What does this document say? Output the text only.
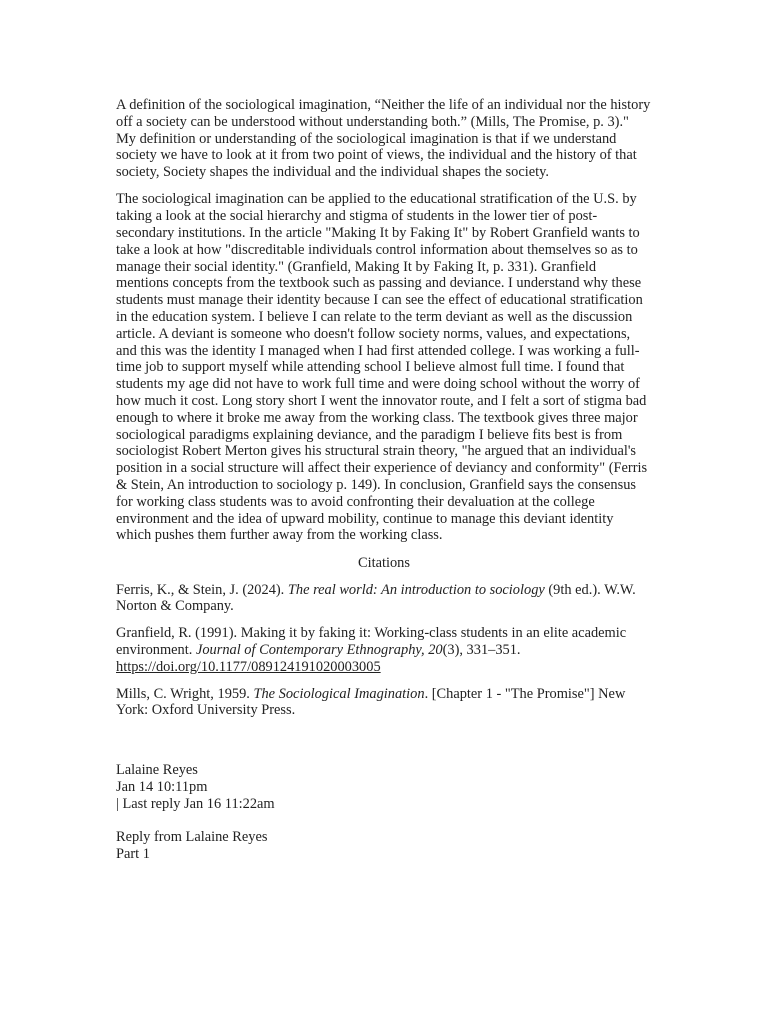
A definition of the sociological imagination, “Neither the life of an individual nor the history off a society can be understood without understanding both.” (Mills, The Promise, p. 3)." My definition or understanding of the sociological imagination is that if we understand society we have to look at it from two point of views, the individual and the history of that society, Society shapes the individual and the individual shapes the society.

The sociological imagination can be applied to the educational stratification of the U.S. by taking a look at the social hierarchy and stigma of students in the lower tier of post-secondary institutions. In the article "Making It by Faking It" by Robert Granfield wants to take a look at how "discreditable individuals control information about themselves so as to manage their social identity." (Granfield, Making It by Faking It, p. 331). Granfield mentions concepts from the textbook such as passing and deviance. I understand why these students must manage their identity because I can see the effect of educational stratification in the education system. I believe I can relate to the term deviant as well as the discussion article. A deviant is someone who doesn't follow society norms, values, and expectations, and this was the identity I managed when I had first attended college. I was working a full-time job to support myself while attending school I believe almost full time. I found that students my age did not have to work full time and were doing school without the worry of how much it cost. Long story short I went the innovator route, and I felt a sort of stigma bad enough to where it broke me away from the working class. The textbook gives three major sociological paradigms explaining deviance, and the paradigm I believe fits best is from sociologist Robert Merton gives his structural strain theory, "he argued that an individual's position in a social structure will affect their experience of deviancy and conformity" (Ferris & Stein, An introduction to sociology p. 149). In conclusion, Granfield says the consensus for working class students was to avoid confronting their devaluation at the college environment and the idea of upward mobility, continue to manage this deviant identity which pushes them further away from the working class.

Citations

Ferris, K., & Stein, J. (2024). The real world: An introduction to sociology (9th ed.). W.W. Norton & Company.

Granfield, R. (1991). Making it by faking it: Working-class students in an elite academic environment. Journal of Contemporary Ethnography, 20(3), 331–351. https://doi.org/10.1177/089124191020003005

Mills, C. Wright, 1959. The Sociological Imagination. [Chapter 1 - "The Promise"] New York: Oxford University Press.

Lalaine Reyes
Jan 14 10:11pm
| Last reply Jan 16 11:22am
Reply from Lalaine Reyes
Part 1
